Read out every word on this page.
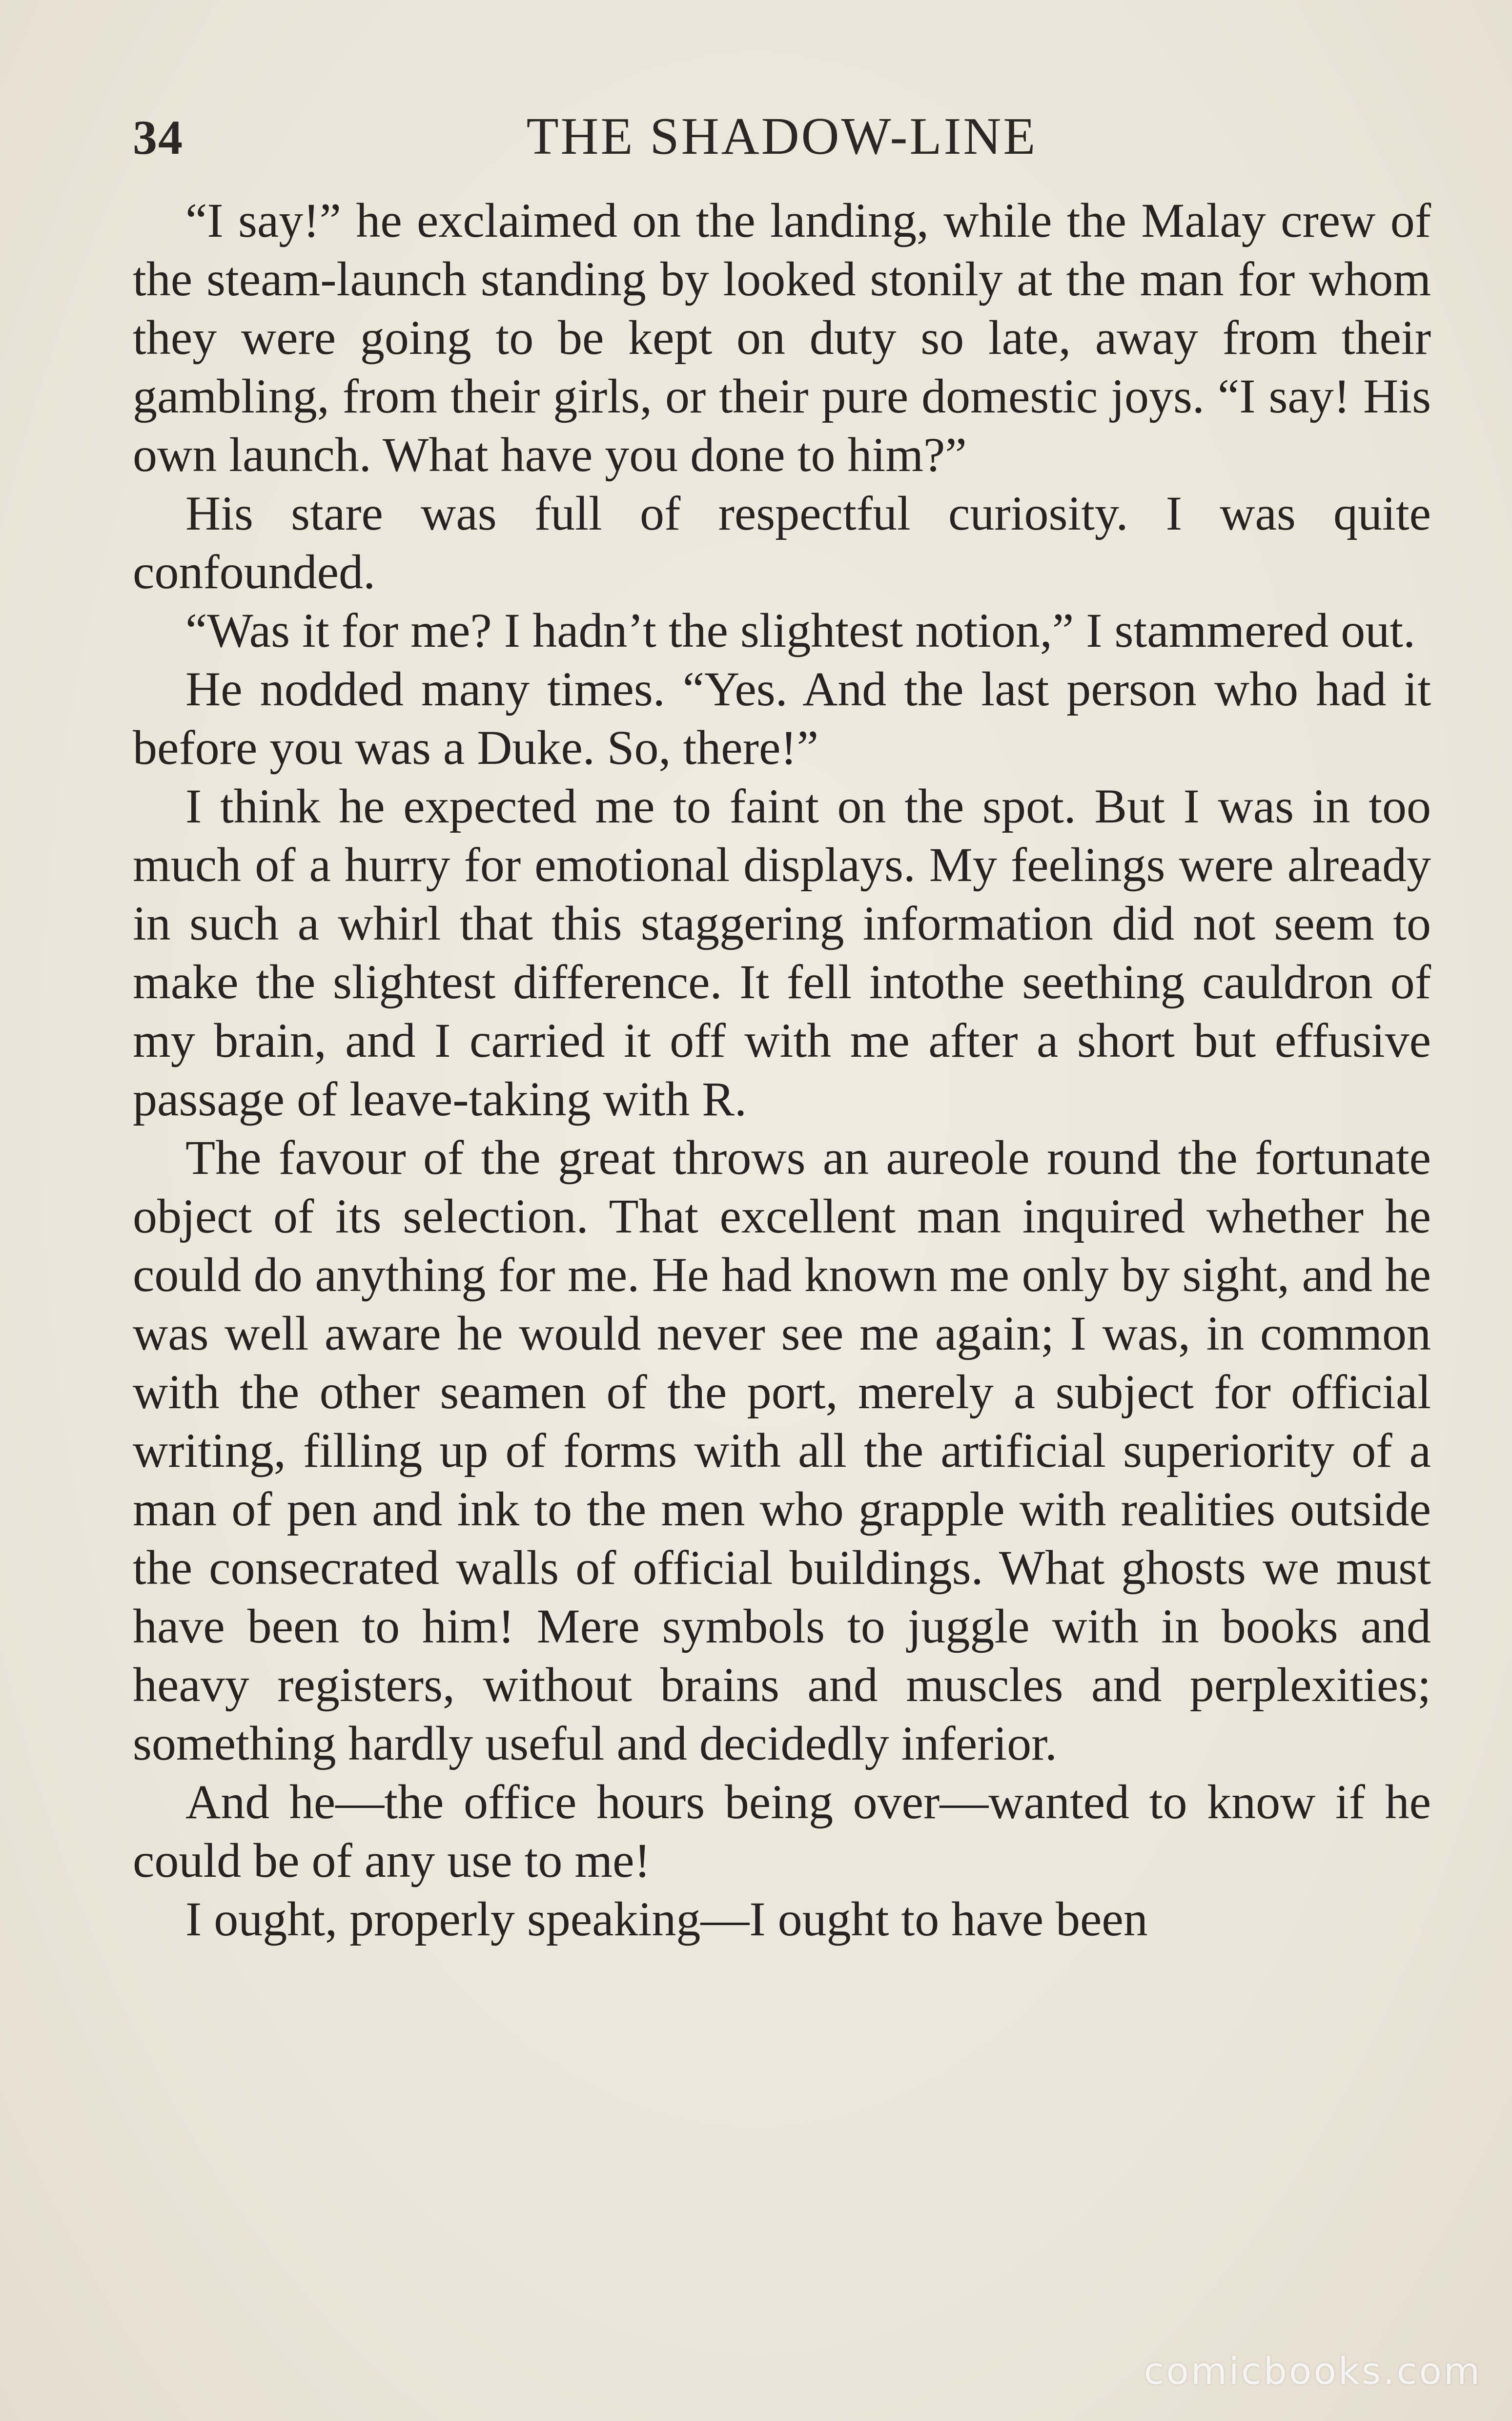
34	THE SHADOW-LINE

“I say!” he exclaimed on the landing, while the Malay crew of the steam-launch standing by looked stonily at the man for whom they were going to be kept on duty so late, away from their gambling, from their girls, or their pure domestic joys. “I say! His own launch. What have you done to him?”

His stare was full of respectful curiosity. I was quite confounded.

“Was it for me? I hadn’t the slightest notion,” I stammered out.

He nodded many times. “Yes. And the last person who had it before you was a Duke. So, there!”

I think he expected me to faint on the spot. But I was in too much of a hurry for emotional displays. My feelings were already in such a whirl that this staggering information did not seem to make the slightest difference. It fell intothe seething cauldron of my brain, and I carried it off with me after a short but effusive passage of leave-taking with R.

The favour of the great throws an aureole round the fortunate object of its selection. That excellent man inquired whether he could do anything for me. He had known me only by sight, and he was well aware he would never see me again; I was, in common with the other seamen of the port, merely a subject for official writing, filling up of forms with all the artificial superiority of a man of pen and ink to the men who grapple with realities outside the consecrated walls of official buildings. What ghosts we must have been to him! Mere symbols to juggle with in books and heavy registers, without brains and muscles and perplexities; something hardly useful and decidedly inferior.

And he—the office hours being over—wanted to know if he could be of any use to me!

I ought, properly speaking—I ought to have been

comicbooks.com
